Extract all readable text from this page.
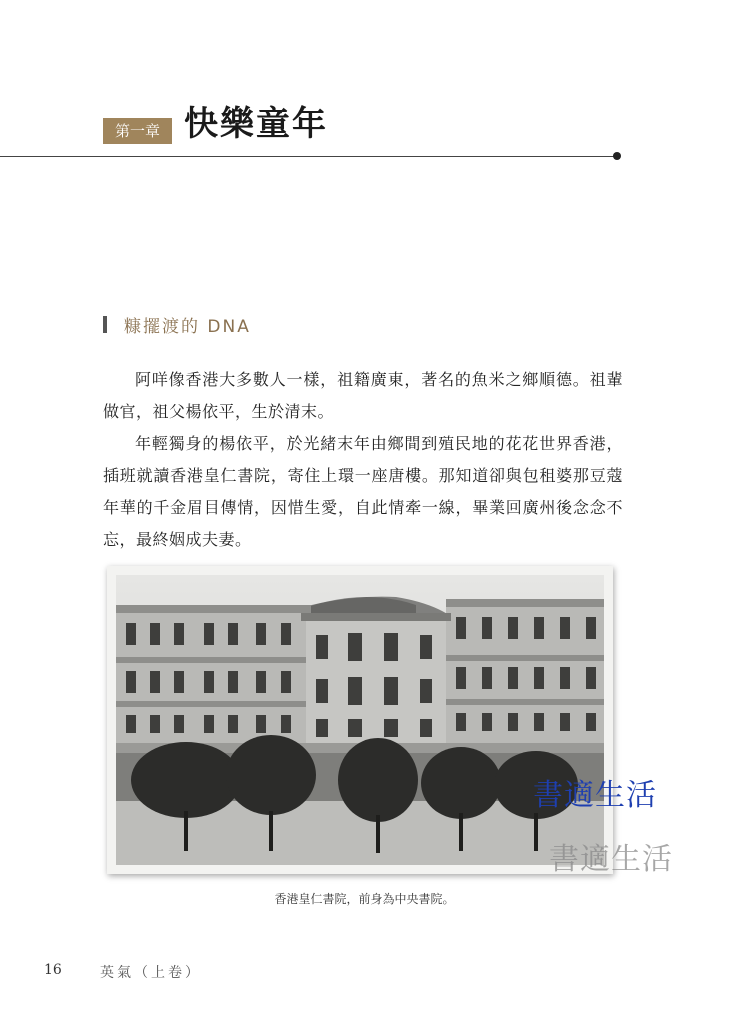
第一章 快樂童年
糠擺渡的 DNA

阿咩像香港大多數人一樣，祖籍廣東，著名的魚米之鄉順德。祖輩做官，祖父楊依平，生於清末。

年輕獨身的楊依平，於光緒末年由鄉間到殖民地的花花世界香港，插班就讀香港皇仁書院，寄住上環一座唐樓。那知道卻與包租婆那豆蔻年華的千金眉目傳情，因惜生愛，自此情牽一線，畢業回廣州後念念不忘，最終姻成夫妻。

香港皇仁書院，前身為中央書院。
書適生活
書適生活
16	英氣（上卷）
